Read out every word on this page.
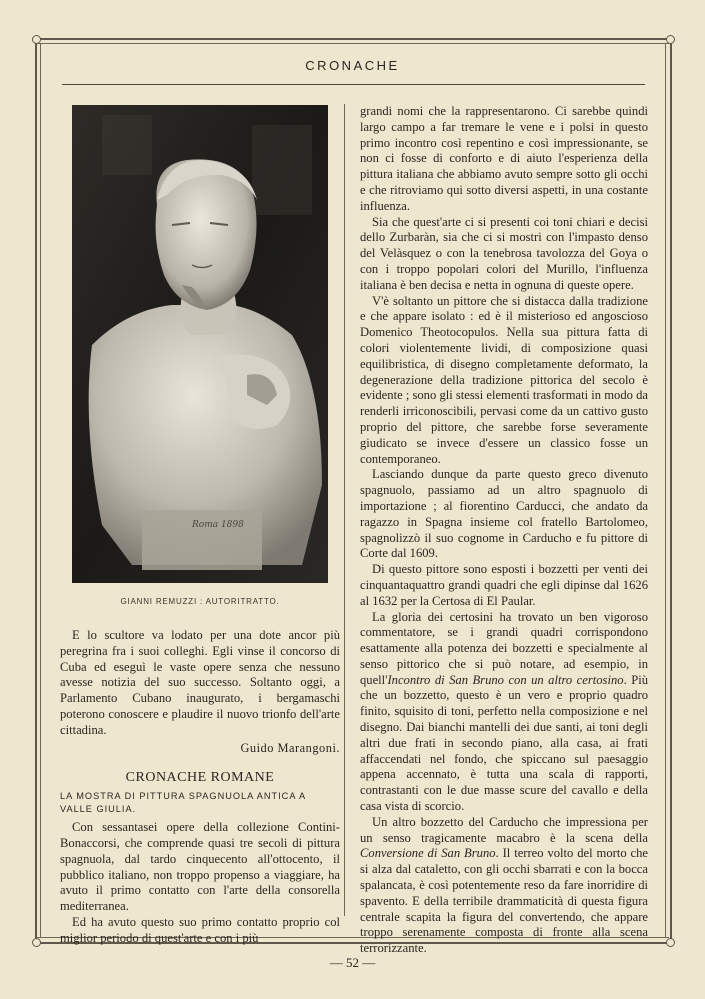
CRONACHE
Roma 1898
GIANNI REMUZZI : AUTORITRATTO.

E lo scultore va lodato per una dote ancor più peregrina fra i suoi colleghi. Egli vinse il concorso di Cuba ed eseguì le vaste opere senza che nessuno avesse notizia del suo successo. Soltanto oggi, a Parlamento Cubano inaugurato, i bergamaschi poterono conoscere e plaudire il nuovo trionfo dell'arte cittadina.

Guido Marangoni.
CRONACHE ROMANE
LA MOSTRA DI PITTURA SPAGNUOLA ANTICA A VALLE GIULIA.

Con sessantasei opere della collezione Contini-Bonaccorsi, che comprende quasi tre secoli di pittura spagnuola, dal tardo cinquecento all'ottocento, il pubblico italiano, non troppo propenso a viaggiare, ha avuto il primo contatto con l'arte della consorella mediterranea.

Ed ha avuto questo suo primo contatto proprio col miglior periodo di quest'arte e con i più

grandi nomi che la rappresentarono. Ci sarebbe quindi largo campo a far tremare le vene e i polsi in questo primo incontro così repentino e così impressionante, se non ci fosse di conforto e di aiuto l'esperienza della pittura italiana che abbiamo avuto sempre sotto gli occhi e che ritroviamo qui sotto diversi aspetti, in una costante influenza.

Sia che quest'arte ci si presenti coi toni chiari e decisi dello Zurbaràn, sia che ci si mostri con l'impasto denso del Velàsquez o con la tenebrosa tavolozza del Goya o con i troppo popolari colori del Murillo, l'influenza italiana è ben decisa e netta in ognuna di queste opere.

V'è soltanto un pittore che si distacca dalla tradizione e che appare isolato : ed è il misterioso ed angoscioso Domenico Theotocopulos. Nella sua pittura fatta di colori violentemente lividi, di composizione quasi equilibristica, di disegno completamente deformato, la degenerazione della tradizione pittorica del secolo è evidente ; sono gli stessi elementi trasformati in modo da renderli irriconoscibili, pervasi come da un cattivo gusto proprio del pittore, che sarebbe forse severamente giudicato se invece d'essere un classico fosse un contemporaneo.

Lasciando dunque da parte questo greco divenuto spagnuolo, passiamo ad un altro spagnuolo di importazione ; al fiorentino Carducci, che andato da ragazzo in Spagna insieme col fratello Bartolomeo, spagnolizzò il suo cognome in Carducho e fu pittore di Corte dal 1609.

Di questo pittore sono esposti i bozzetti per venti dei cinquantaquattro grandi quadri che egli dipinse dal 1626 al 1632 per la Certosa di El Paular.

La gloria dei certosini ha trovato un ben vigoroso commentatore, se i grandi quadri corrispondono esattamente alla potenza dei bozzetti e specialmente al senso pittorico che si può notare, ad esempio, in quell'Incontro di San Bruno con un altro certosino. Più che un bozzetto, questo è un vero e proprio quadro finito, squisito di toni, perfetto nella composizione e nel disegno. Dai bianchi mantelli dei due santi, ai toni degli altri due frati in secondo piano, alla casa, ai frati affaccendati nel fondo, che spiccano sul paesaggio appena accennato, è tutta una scala di rapporti, contrastanti con le due masse scure del cavallo e della casa vista di scorcio.

Un altro bozzetto del Carducho che impressiona per un senso tragicamente macabro è la scena della Conversione di San Bruno. Il terreo volto del morto che si alza dal cataletto, con gli occhi sbarrati e con la bocca spalancata, è così potentemente reso da fare inorridire di spavento. E della terribile drammaticità di questa figura centrale scapita la figura del convertendo, che appare troppo serenamente composta di fronte alla scena terrorizzante.

— 52 —
